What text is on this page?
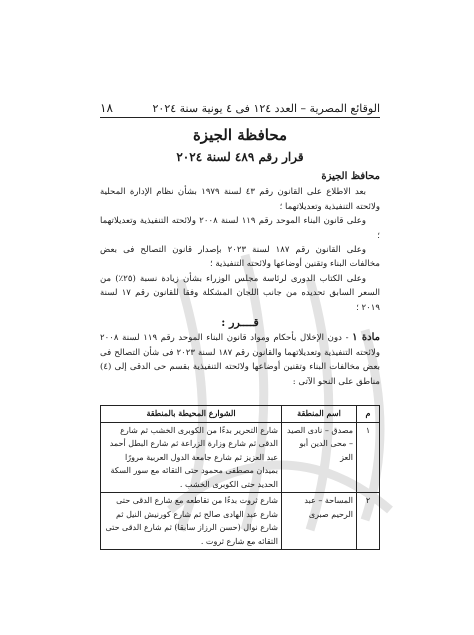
الوقائع المصرية – العدد ١٢٤ فى ٤ يونية سنة ٢٠٢٤
١٨
محافظة الجيزة
قرار رقم ٤٨٩ لسنة ٢٠٢٤

محافظ الجيزة

بعد الاطلاع على القانون رقم ٤٣ لسنة ١٩٧٩ بشأن نظام الإدارة المحلية ولائحته التنفيذية وتعديلاتهما ؛

وعلى قانون البناء الموحد رقم ١١٩ لسنة ٢٠٠٨ ولائحته التنفيذية وتعديلاتهما ؛

وعلى القانون رقم ١٨٧ لسنة ٢٠٢٣ بإصدار قانون التصالح فى بعض مخالفات البناء وتقنين أوضاعها ولائحته التنفيذية ؛

وعلى الكتاب الدورى لرئاسة مجلس الوزراء بشأن زيادة نسبة (٢٥٪) من السعر السابق تحديده من جانب اللجان المشكلة وفقا للقانون رقم ١٧ لسنة ٢٠١٩ ؛

قــــرر :

مادة ١ - دون الإخلال بأحكام ومواد قانون البناء الموحد رقم ١١٩ لسنة ٢٠٠٨ ولائحته التنفيذية وتعديلاتهما والقانون رقم ١٨٧ لسنة ٢٠٢٣ فى شأن التصالح فى بعض مخالفات البناء وتقنين أوضاعها ولائحته التنفيذية بقسم حى الدقى إلى (٤) مناطق على النحو الآتى :

م	اسم المنطقة	الشوارع المحيطة بالمنطقة
١	مصدق – نادى الصيد – محى الدين أبو العز	شارع التحرير بدءًا من الكوبرى الخشب ثم شارع الدقى ثم شارع وزارة الزراعة ثم شارع البطل أحمد عبد العزيز ثم شارع جامعة الدول العربية مرورًا بميدان مصطفى محمود حتى التقائه مع سور السكة الحديد حتى الكوبرى الخشب .
٢	المساحة – عبد الرحيم صبرى	شارع ثروت بدءًا من تقاطعه مع شارع الدقى حتى شارع عبد الهادى صالح ثم شارع كورنيش النيل ثم شارع نوال (حسن الرزاز سابقا) ثم شارع الدقى حتى التقائه مع شارع ثروت .
